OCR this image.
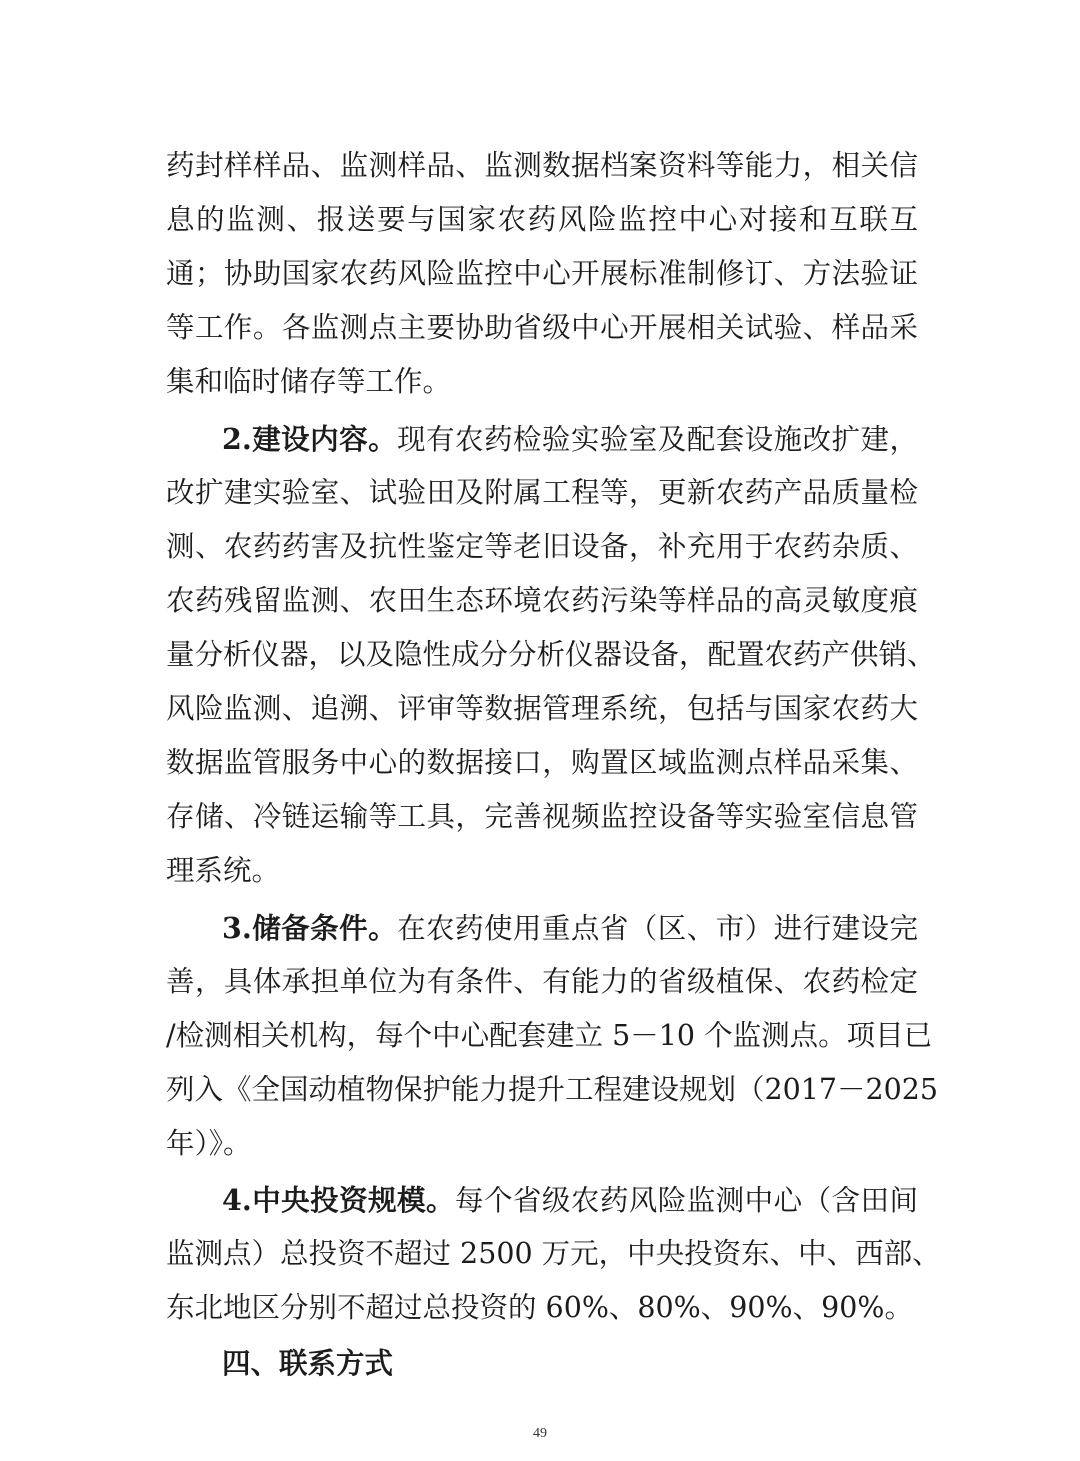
药封样样品、监测样品、监测数据档案资料等能力，相关信
息的监测、报送要与国家农药风险监控中心对接和互联互
通；协助国家农药风险监控中心开展标准制修订、方法验证
等工作。各监测点主要协助省级中心开展相关试验、样品采
集和临时储存等工作。
2.建设内容。现有农药检验实验室及配套设施改扩建，
改扩建实验室、试验田及附属工程等，更新农药产品质量检
测、农药药害及抗性鉴定等老旧设备，补充用于农药杂质、
农药残留监测、农田生态环境农药污染等样品的高灵敏度痕
量分析仪器，以及隐性成分分析仪器设备，配置农药产供销、
风险监测、追溯、评审等数据管理系统，包括与国家农药大
数据监管服务中心的数据接口，购置区域监测点样品采集、
存储、冷链运输等工具，完善视频监控设备等实验室信息管
理系统。
3.储备条件。在农药使用重点省（区、市）进行建设完
善，具体承担单位为有条件、有能力的省级植保、农药检定
/检测相关机构，每个中心配套建立 5－10 个监测点。项目已
列入《全国动植物保护能力提升工程建设规划（2017－2025
年）》。
4.中央投资规模。每个省级农药风险监测中心（含田间
监测点）总投资不超过 2500 万元，中央投资东、中、西部、
东北地区分别不超过总投资的 60%、80%、90%、90%。
四、联系方式
49
